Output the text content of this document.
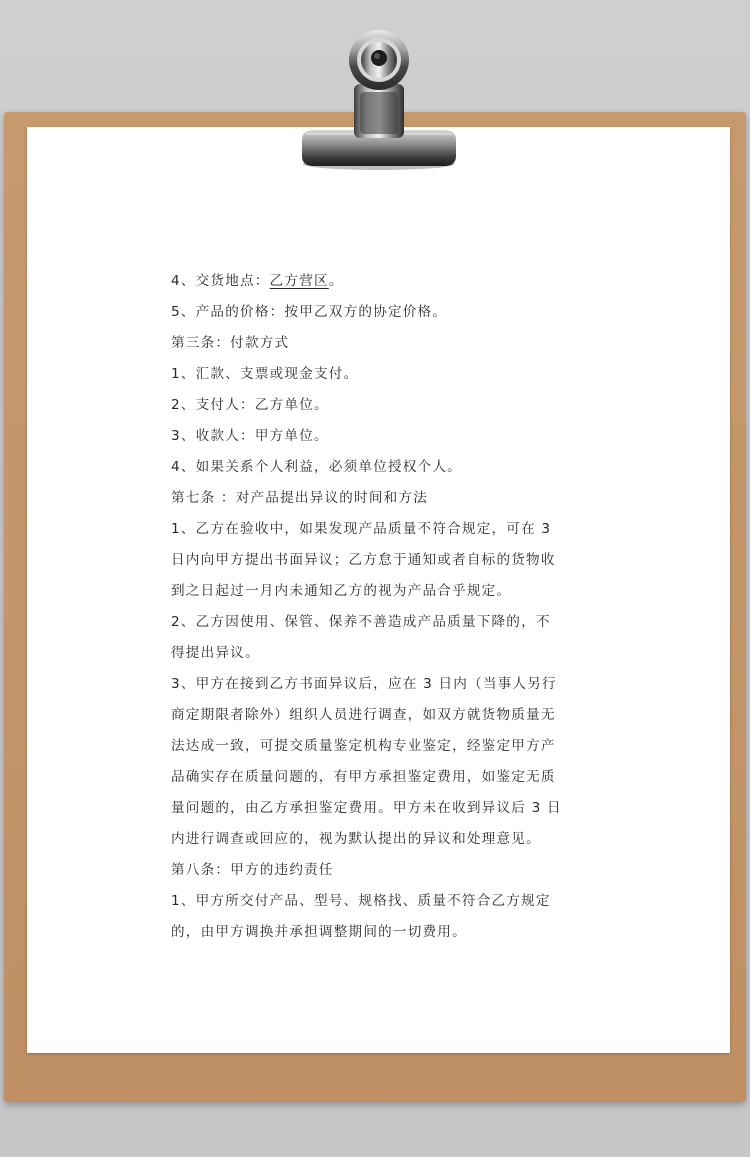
4、交货地点：乙方营区。
5、产品的价格：按甲乙双方的协定价格。
第三条：付款方式
1、汇款、支票或现金支付。
2、支付人：乙方单位。
3、收款人：甲方单位。
4、如果关系个人利益，必须单位授权个人。
第七条 ：对产品提出异议的时间和方法
1、乙方在验收中，如果发现产品质量不符合规定，可在 3
日内向甲方提出书面异议；乙方怠于通知或者自标的货物收
到之日起过一月内未通知乙方的视为产品合乎规定。
2、乙方因使用、保管、保养不善造成产品质量下降的，不
得提出异议。
3、甲方在接到乙方书面异议后，应在 3 日内（当事人另行
商定期限者除外）组织人员进行调查，如双方就货物质量无
法达成一致，可提交质量鉴定机构专业鉴定，经鉴定甲方产
品确实存在质量问题的，有甲方承担鉴定费用，如鉴定无质
量问题的，由乙方承担鉴定费用。甲方未在收到异议后 3 日
内进行调查或回应的，视为默认提出的异议和处理意见。
第八条：甲方的违约责任
1、甲方所交付产品、型号、规格找、质量不符合乙方规定
的，由甲方调换并承担调整期间的一切费用。
